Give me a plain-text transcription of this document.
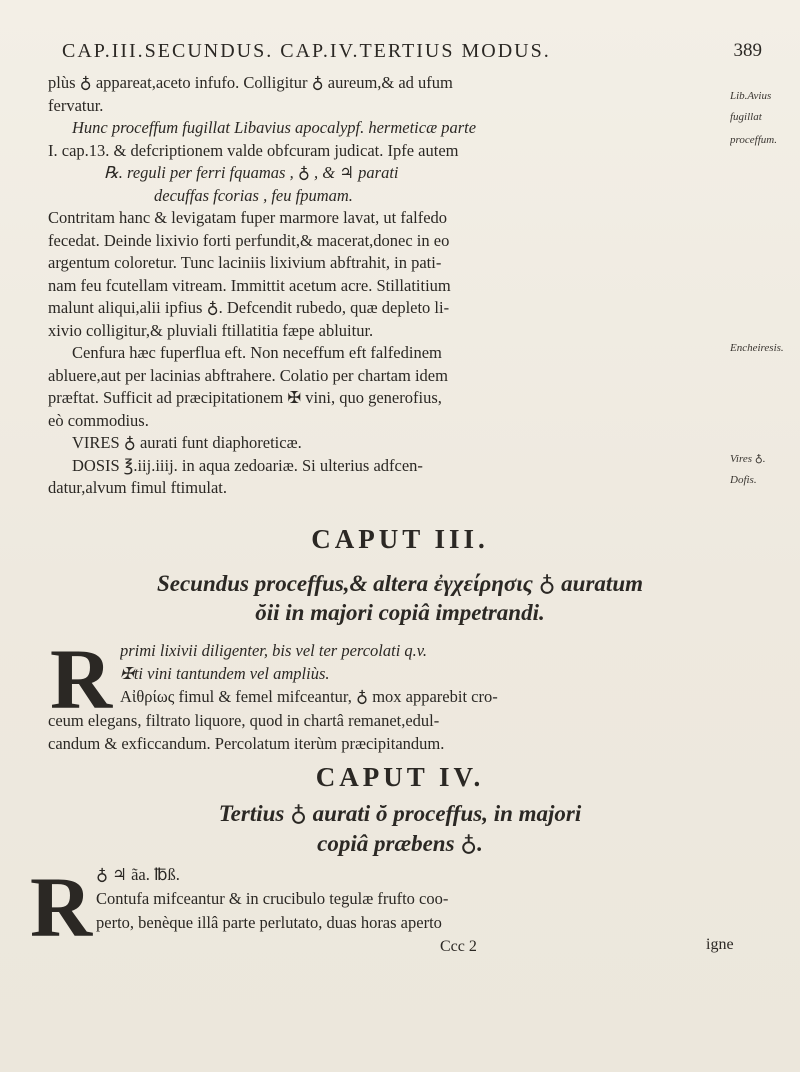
CAP.III.SECUNDUS. CAP.IV.TERTIUS MODUS.	389
plùs ♁ appareat,aceto infufo. Colligitur ♁ aureum,& ad ufum
fervatur.
Hunc proceffum fugillat Libavius apocalypf. hermeticæ parte
I. cap.13. & defcriptionem valde obfcuram judicat. Ipfe autem
℞. reguli per ferri fquamas , ♁ , & ♃ parati
decuffas fcorias , feu fpumam.
Contritam hanc & levigatam fuper marmore lavat, ut falfedo
fecedat. Deinde lixivio forti perfundit,& macerat,donec in eo
argentum coloretur. Tunc laciniis lixivium abftrahit, in pati-
nam feu fcutellam vitream. Immittit acetum acre. Stillatitium
malunt aliqui,alii ipfius ♁. Defcendit rubedo, quæ depleto li-
xivio colligitur,& pluviali ftillatitia fæpe abluitur.
Cenfura hæc fuperflua eft. Non neceffum eft falfedinem
abluere,aut per lacinias abftrahere. Colatio per chartam idem
præftat. Sufficit ad præcipitationem ✠ vini, quo generofius,
eò commodius.
VIRES ♁ aurati funt diaphoreticæ.
DOSIS ℥.iij.iiij. in aqua zedoariæ. Si ulterius adfcen-
datur,alvum fimul ftimulat.
Lib.Avius
fugillat
proceffum.
Encheiresis.
Vires ♁.
Dofis.
CAPUT III.
Secundus proceffus,& altera ἐγχείρησις ♁ auratum
ŏii in majori copiâ impetrandi.
R primi lixivii diligenter, bis vel ter percolati q.v.
✠ti vini tantundem vel ampliùs.
Αἰθρίως fimul & femel mifceantur, ♁ mox apparebit cro-
ceum elegans, filtrato liquore, quod in chartâ remanet,edul-
candum & exficcandum. Percolatum iterùm præcipitandum.
CAPUT IV.
Tertius ♁ aurati ŏ proceffus, in majori
copiâ præbens ♁.
R ♁ ♃ ãa. ℔ß.
Contufa mifceantur & in crucibulo tegulæ frufto coo-
perto, benèque illâ parte perlutato, duas horas aperto
Ccc 2	igne
